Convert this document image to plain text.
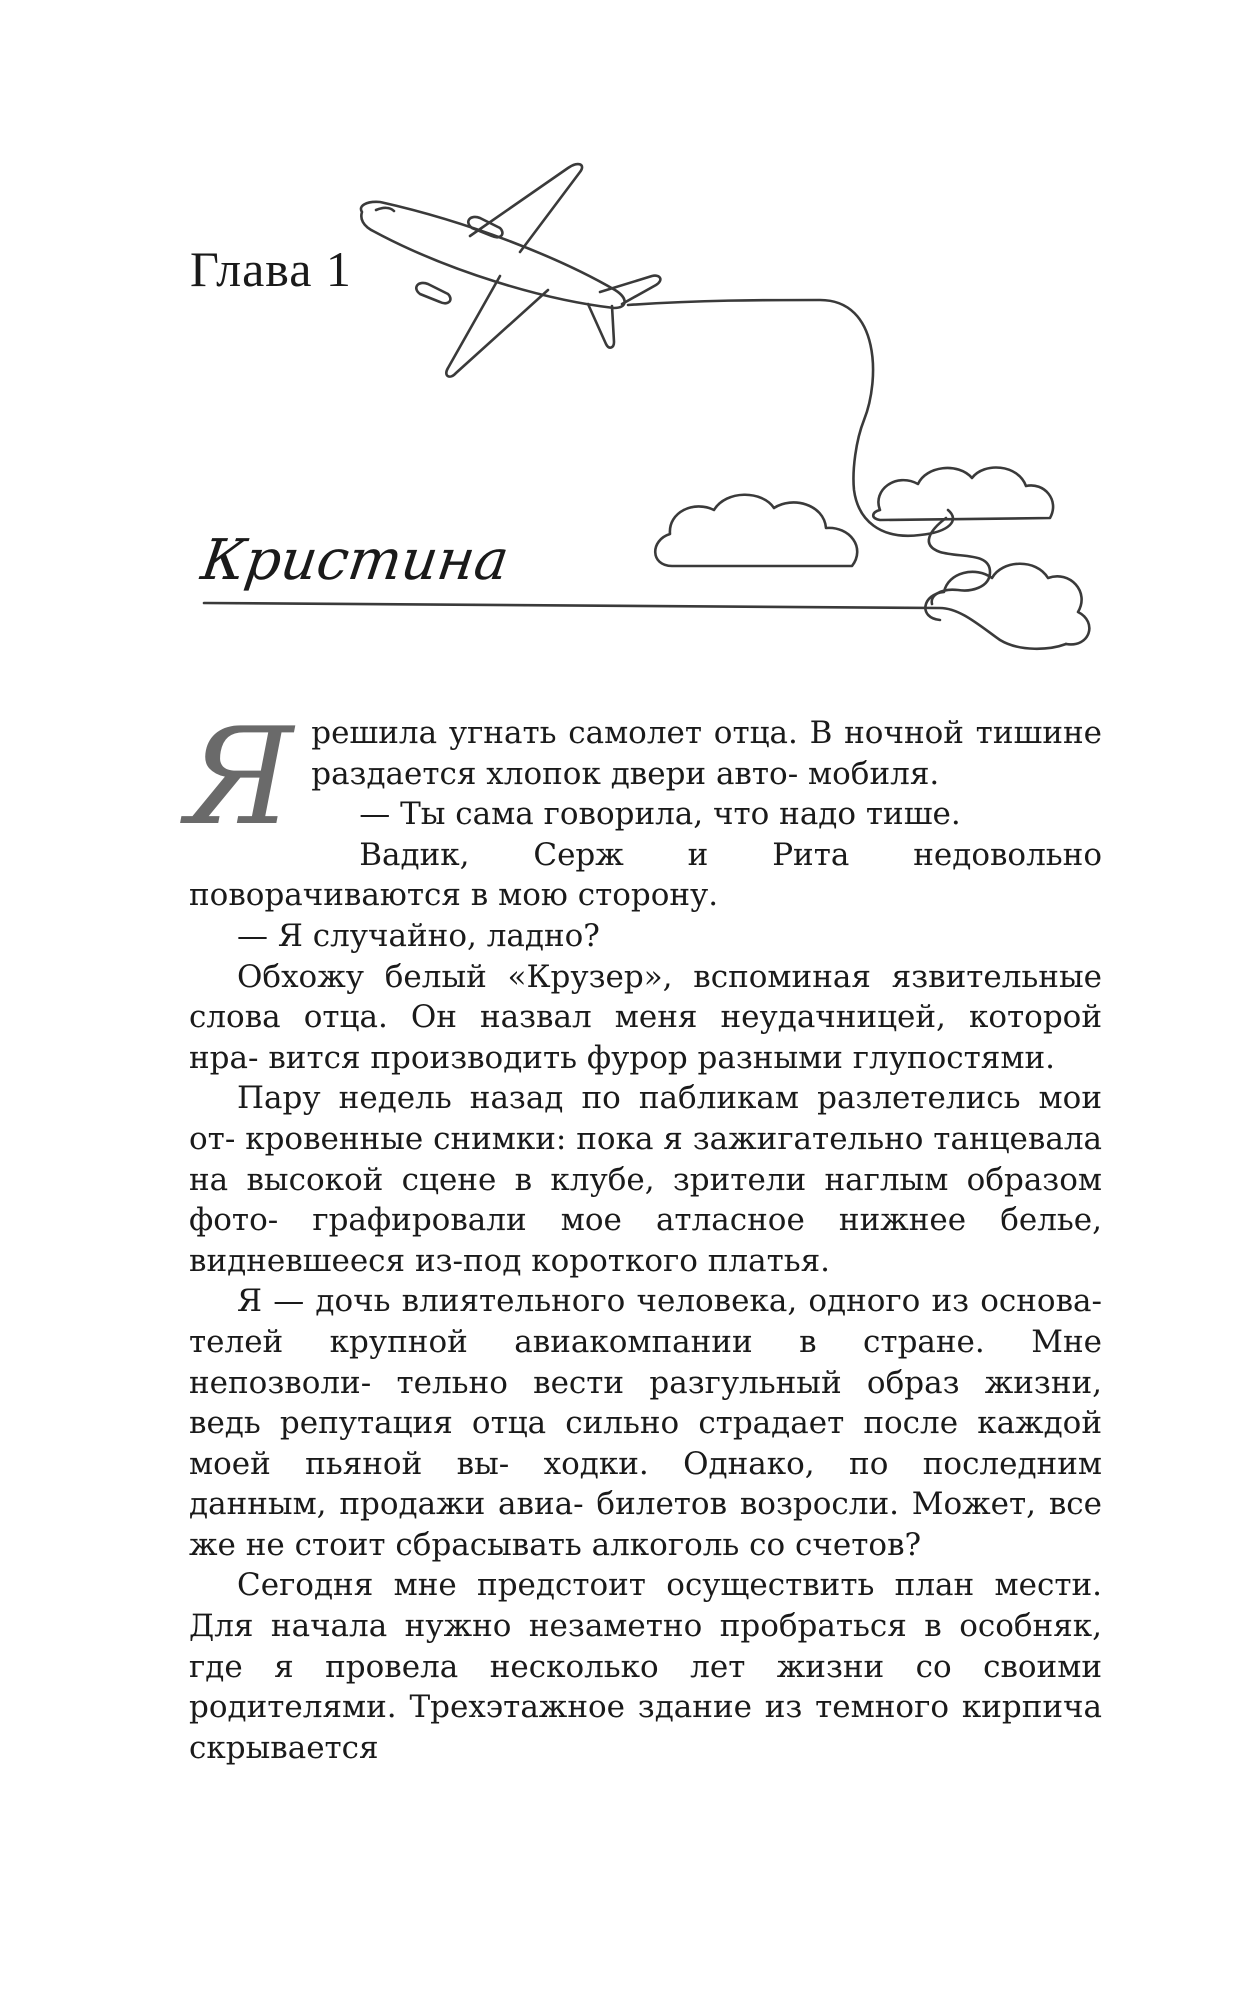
Глава 1
Кристина

Я решила угнать самолет отца. В ночной тишине раздается хлопок двери авто- мобиля.

— Ты сама говорила, что надо тише.

Вадик, Серж и Рита недовольно поворачиваются в мою сторону.

— Я случайно, ладно?

Обхожу белый «Крузер», вспоминая язвительные слова отца. Он назвал меня неудачницей, которой нра- вится производить фурор разными глупостями.

Пару недель назад по пабликам разлетелись мои от- кровенные снимки: пока я зажигательно танцевала на высокой сцене в клубе, зрители наглым образом фото- графировали мое атласное нижнее белье, видневшееся из-под короткого платья.

Я — дочь влиятельного человека, одного из основа- телей крупной авиакомпании в стране. Мне непозволи- тельно вести разгульный образ жизни, ведь репутация отца сильно страдает после каждой моей пьяной вы- ходки. Однако, по последним данным, продажи авиа- билетов возросли. Может, все же не стоит сбрасывать алкоголь со счетов?

Сегодня мне предстоит осуществить план мести. Для начала нужно незаметно пробраться в особняк, где я провела несколько лет жизни со своими родителями. Трехэтажное здание из темного кирпича скрывается
